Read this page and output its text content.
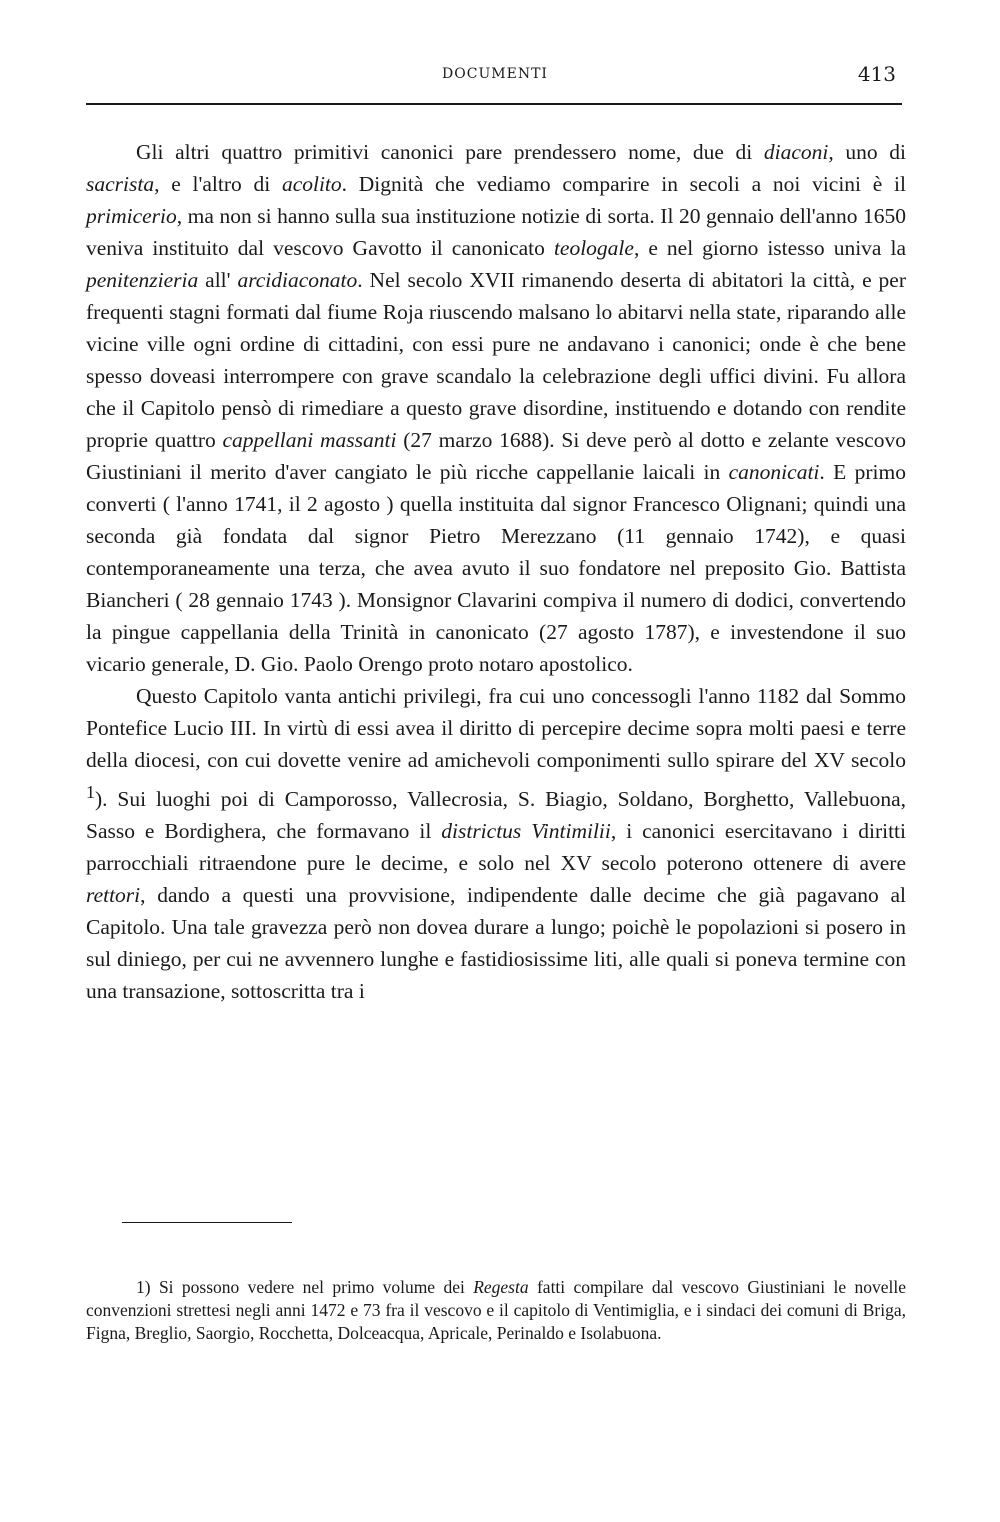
DOCUMENTI	413

Gli altri quattro primitivi canonici pare prendessero nome, due di diaconi, uno di sacrista, e l'altro di acolito. Dignità che vediamo comparire in secoli a noi vicini è il primicerio, ma non si hanno sulla sua instituzione notizie di sorta. Il 20 gennaio dell'anno 1650 veniva instituito dal vescovo Gavotto il canonicato teologale, e nel giorno istesso univa la penitenzieria all' arcidiaconato. Nel secolo XVII rimanendo deserta di abitatori la città, e per frequenti stagni formati dal fiume Roja riuscendo malsano lo abitarvi nella state, riparando alle vicine ville ogni ordine di cittadini, con essi pure ne andavano i canonici; onde è che bene spesso doveasi interrompere con grave scandalo la celebrazione degli uffici divini. Fu allora che il Capitolo pensò di rimediare a questo grave disordine, instituendo e dotando con rendite proprie quattro cappellani massanti (27 marzo 1688). Si deve però al dotto e zelante vescovo Giustiniani il merito d'aver cangiato le più ricche cappellanie laicali in canonicati. E primo converti ( l'anno 1741, il 2 agosto ) quella instituita dal signor Francesco Olignani; quindi una seconda già fondata dal signor Pietro Merezzano (11 gennaio 1742), e quasi contemporaneamente una terza, che avea avuto il suo fondatore nel preposito Gio. Battista Biancheri ( 28 gennaio 1743 ). Monsignor Clavarini compiva il numero di dodici, convertendo la pingue cappellania della Trinità in canonicato (27 agosto 1787), e investendone il suo vicario generale, D. Gio. Paolo Orengo proto notaro apostolico.

Questo Capitolo vanta antichi privilegi, fra cui uno concessogli l'anno 1182 dal Sommo Pontefice Lucio III. In virtù di essi avea il diritto di percepire decime sopra molti paesi e terre della diocesi, con cui dovette venire ad amichevoli componimenti sullo spirare del XV secolo $^1$). Sui luoghi poi di Camporosso, Vallecrosia, S. Biagio, Soldano, Borghetto, Vallebuona, Sasso e Bordighera, che formavano il districtus Vintimilii, i canonici esercitavano i diritti parrocchiali ritraendone pure le decime, e solo nel XV secolo poterono ottenere di avere rettori, dando a questi una provvisione, indipendente dalle decime che già pagavano al Capitolo. Una tale gravezza però non dovea durare a lungo; poichè le popolazioni si posero in sul diniego, per cui ne avvennero lunghe e fastidiosissime liti, alle quali si poneva termine con una transazione, sottoscritta tra i

1) Si possono vedere nel primo volume dei Regesta fatti compilare dal vescovo Giustiniani le novelle convenzioni strettesi negli anni 1472 e 73 fra il vescovo e il capitolo di Ventimiglia, e i sindaci dei comuni di Briga, Figna, Breglio, Saorgio, Rocchetta, Dolceacqua, Apricale, Perinaldo e Isolabuona.
